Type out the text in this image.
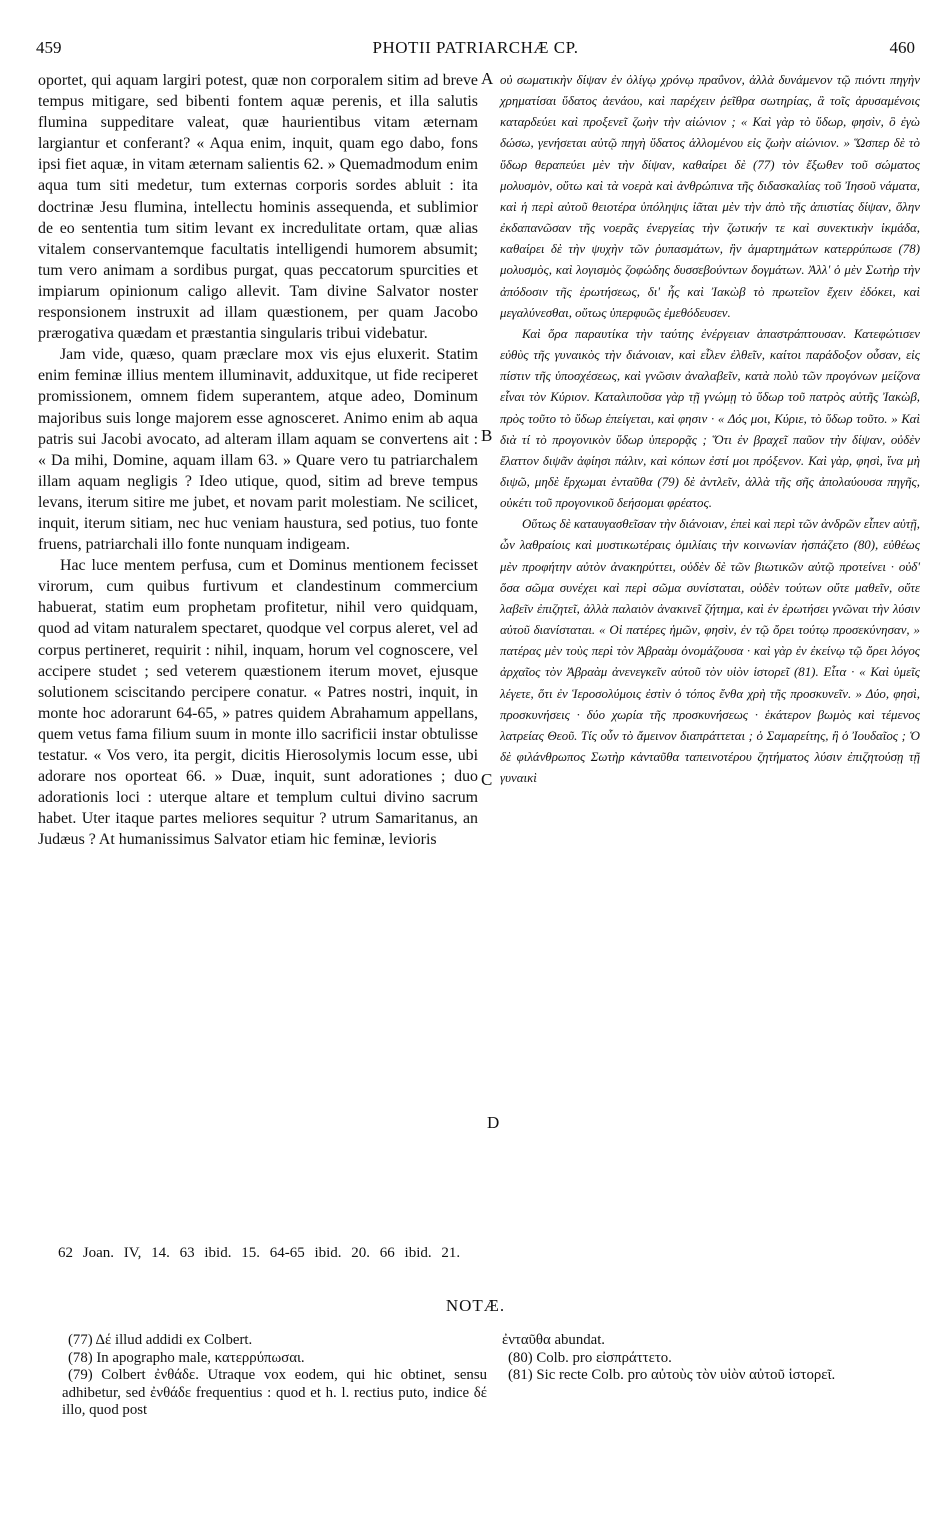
459	PHOTII PATRIARCHÆ CP.	460

oportet, qui aquam largiri potest, quæ non corporalem sitim ad breve tempus mitigare, sed bibenti fontem aquæ perenis, et illa salutis flumina suppeditare valeat, quæ haurientibus vitam æternam largiantur et conferant? « Aqua enim, inquit, quam ego dabo, fons ipsi fiet aquæ, in vitam æternam salientis 62. » Quemadmodum enim aqua tum siti medetur, tum externas corporis sordes abluit : ita doctrinæ Jesu flumina, intellectu hominis assequenda, et sublimior de eo sententia tum sitim levant ex incredulitate ortam, quæ alias vitalem conservantemque facultatis intelligendi humorem absumit; tum vero animam a sordibus purgat, quas peccatorum spurcities et impiarum opinionum caligo allevit. Tam divine Salvator noster responsionem instruxit ad illam quæstionem, per quam Jacobo prærogativa quædam et præstantia singularis tribui videbatur.

Jam vide, quæso, quam præclare mox vis ejus eluxerit. Statim enim feminæ illius mentem illuminavit, adduxitque, ut fide reciperet promissionem, omnem fidem superantem, atque adeo, Dominum majoribus suis longe majorem esse agnosceret. Animo enim ab aqua patris sui Jacobi avocato, ad alteram illam aquam se convertens ait : « Da mihi, Domine, aquam illam 63. » Quare vero tu patriarchalem illam aquam negligis ? Ideo utique, quod, sitim ad breve tempus levans, iterum sitire me jubet, et novam parit molestiam. Ne scilicet, inquit, iterum sitiam, nec huc veniam haustura, sed potius, tuo fonte fruens, patriarchali illo fonte nunquam indigeam.

Hac luce mentem perfusa, cum et Dominus mentionem fecisset virorum, cum quibus furtivum et clandestinum commercium habuerat, statim eum prophetam profitetur, nihil vero quidquam, quod ad vitam naturalem spectaret, quodque vel corpus aleret, vel ad corpus pertineret, requirit : nihil, inquam, horum vel cognoscere, vel accipere studet ; sed veterem quæstionem iterum movet, ejusque solutionem sciscitando percipere conatur. « Patres nostri, inquit, in monte hoc adorarunt 64-65, » patres quidem Abrahamum appellans, quem vetus fama filium suum in monte illo sacrificii instar obtulisse testatur. « Vos vero, ita pergit, dicitis Hierosolymis locum esse, ubi adorare nos oporteat 66. » Duæ, inquit, sunt adorationes ; duo adorationis loci : uterque altare et templum cultui divino sacrum habet. Uter itaque partes meliores sequitur ? utrum Samaritanus, an Judæus ? At humanissimus Salvator etiam hic feminæ, levioris

A
B
C
D

οὐ σωματικὴν δίψαν ἐν ὀλίγῳ χρόνῳ πραΰνον, ἀλλὰ δυνάμενον τῷ πιόντι πηγὴν χρηματίσαι ὕδατος ἀενάου, καὶ παρέχειν ῥεῖθρα σωτηρίας, ἃ τοῖς ἀρυσαμένοις καταρδεύει καὶ προξενεῖ ζωὴν τὴν αἰώνιον ; « Καὶ γὰρ τὸ ὕδωρ, φησὶν, ὃ ἐγὼ δώσω, γενήσεται αὐτῷ πηγὴ ὕδατος ἁλλομένου εἰς ζωὴν αἰώνιον. » Ὥσπερ δὲ τὸ ὕδωρ θεραπεύει μὲν τὴν δίψαν, καθαίρει δὲ (77) τὸν ἔξωθεν τοῦ σώματος μολυσμὸν, οὕτω καὶ τὰ νοερὰ καὶ ἀνθρώπινα τῆς διδασκαλίας τοῦ Ἰησοῦ νάματα, καὶ ἡ περὶ αὐτοῦ θειοτέρα ὑπόληψις ἰᾶται μὲν τὴν ἀπὸ τῆς ἀπιστίας δίψαν, ὅλην ἐκδαπανῶσαν τῆς νοερᾶς ἐνεργείας τὴν ζωτικήν τε καὶ συνεκτικὴν ἰκμάδα, καθαίρει δὲ τὴν ψυχὴν τῶν ῥυπασμάτων, ἣν ἁμαρτημάτων κατερρύπωσε (78) μολυσμὸς, καὶ λογισμὸς ζοφώδης δυσσεβούντων δογμάτων. Ἀλλ' ὁ μὲν Σωτὴρ τὴν ἀπόδοσιν τῆς ἐρωτήσεως, δι' ἧς καὶ Ἰακὼβ τὸ πρωτεῖον ἔχειν ἐδόκει, καὶ μεγαλύνεσθαι, οὕτως ὑπερφυῶς ἐμεθόδευσεν.

Καὶ ὅρα παραυτίκα τὴν ταύτης ἐνέργειαν ἀπαστράπτουσαν. Κατεφώτισεν εὐθὺς τῆς γυναικὸς τὴν διάνοιαν, καὶ εἶλεν ἐλθεῖν, καίτοι παράδοξον οὖσαν, εἰς πίστιν τῆς ὑποσχέσεως, καὶ γνῶσιν ἀναλαβεῖν, κατὰ πολὺ τῶν προγόνων μείζονα εἶναι τὸν Κύριον. Καταλιποῦσα γὰρ τῇ γνώμῃ τὸ ὕδωρ τοῦ πατρὸς αὐτῆς Ἰακὼβ, πρὸς τοῦτο τὸ ὕδωρ ἐπείγεται, καὶ φησιν · « Δός μοι, Κύριε, τὸ ὕδωρ τοῦτο. » Καὶ διὰ τί τὸ προγονικὸν ὕδωρ ὑπερορᾷς ; Ὅτι ἐν βραχεῖ παῦον τὴν δίψαν, οὐδὲν ἔλαττον διψᾶν ἀφίησι πάλιν, καὶ κόπων ἐστί μοι πρόξενον. Καὶ γὰρ, φησὶ, ἵνα μὴ διψῶ, μηδὲ ἔρχωμαι ἐνταῦθα (79) δὲ ἀντλεῖν, ἀλλὰ τῆς σῆς ἀπολαύουσα πηγῆς, οὐκέτι τοῦ προγονικοῦ δεήσομαι φρέατος.

Οὕτως δὲ καταυγασθεῖσαν τὴν διάνοιαν, ἐπεὶ καὶ περὶ τῶν ἀνδρῶν εἶπεν αὐτῇ, ὧν λαθραίοις καὶ μυστικωτέραις ὁμιλίαις τὴν κοινωνίαν ἠσπάζετο (80), εὐθέως μὲν προφήτην αὐτὸν ἀνακηρύττει, οὐδὲν δὲ τῶν βιωτικῶν αὐτῷ προτείνει · οὐδ' ὅσα σῶμα συνέχει καὶ περὶ σῶμα συνίσταται, οὐδὲν τούτων οὔτε μαθεῖν, οὔτε λαβεῖν ἐπιζητεῖ, ἀλλὰ παλαιὸν ἀνακινεῖ ζήτημα, καὶ ἐν ἐρωτήσει γνῶναι τὴν λύσιν αὐτοῦ διανίσταται. « Οἱ πατέρες ἡμῶν, φησὶν, ἐν τῷ ὄρει τούτῳ προσεκύνησαν, » πατέρας μὲν τοὺς περὶ τὸν Ἀβραὰμ ὀνομάζουσα · καὶ γὰρ ἐν ἐκείνῳ τῷ ὄρει λόγος ἀρχαῖος τὸν Ἀβραὰμ ἀνενεγκεῖν αὐτοῦ τὸν υἱὸν ἱστορεῖ (81). Εἶτα · « Καὶ ὑμεῖς λέγετε, ὅτι ἐν Ἱεροσολύμοις ἐστὶν ὁ τόπος ἔνθα χρὴ τῆς προσκυνεῖν. » Δύο, φησὶ, προσκυνήσεις · δύο χωρία τῆς προσκυνήσεως · ἑκάτερον βωμὸς καὶ τέμενος λατρείας Θεοῦ. Τίς οὖν τὸ ἄμεινον διαπράττεται ; ὁ Σαμαρείτης, ἢ ὁ Ἰουδαῖος ; Ὁ δὲ φιλάνθρωπος Σωτὴρ κἀνταῦθα ταπεινοτέρου ζητήματος λύσιν ἐπιζητούσῃ τῇ γυναικὶ

62 Joan. IV, 14. 63 ibid. 15. 64-65 ibid. 20. 66 ibid. 21.
NOTÆ.

(77) Δέ illud addidi ex Colbert.

(78) In apographo male, κατερρύπωσαι.

(79) Colbert ἐνθάδε. Utraque vox eodem, qui hic obtinet, sensu adhibetur, sed ἐνθάδε frequentius : quod et h. l. rectius puto, indice δέ illo, quod post

ἐνταῦθα abundat.

(80) Colb. pro εἰσπράττετο.

(81) Sic recte Colb. pro αὐτοὺς τὸν υἱὸν αὐτοῦ ἱστορεῖ.
